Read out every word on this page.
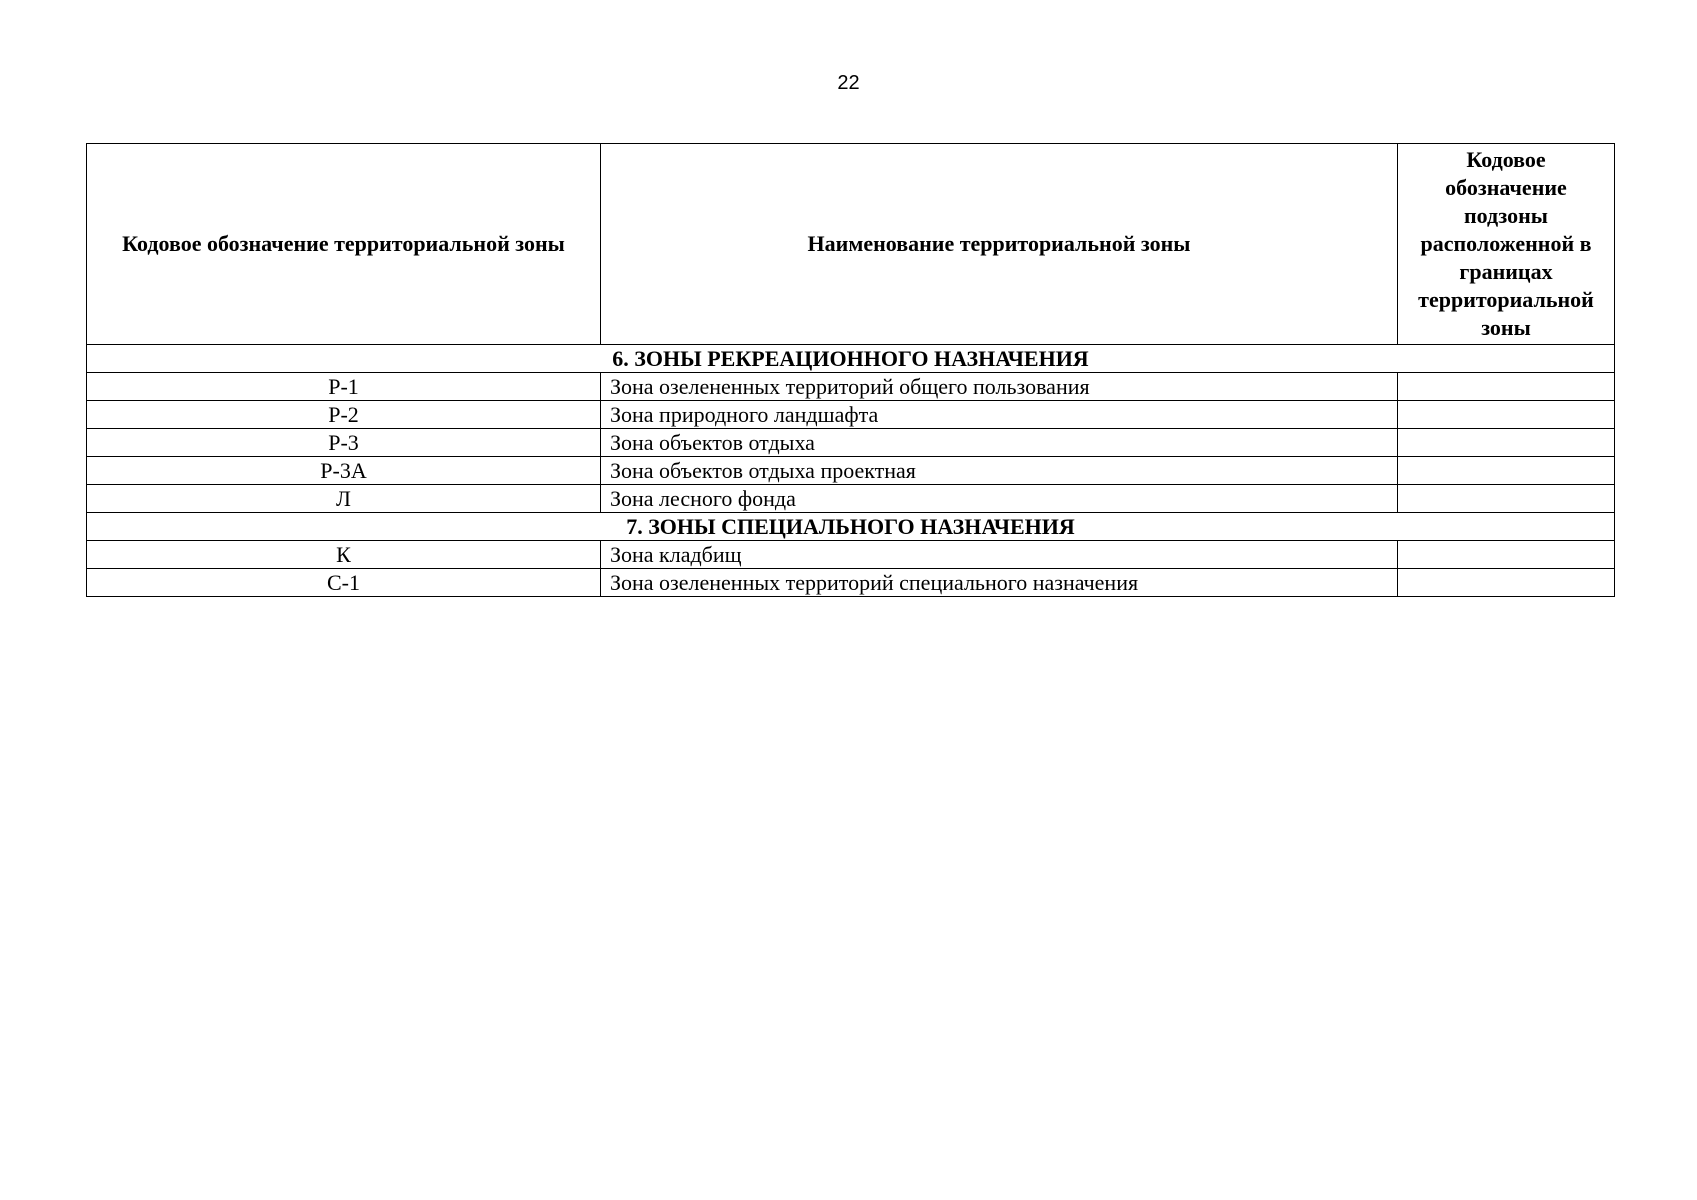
22
Кодовое обозначение территориальной зоны	Наименование территориальной зоны	Кодовое обозначение подзоны расположенной в границах территориальной зоны
6. ЗОНЫ РЕКРЕАЦИОННОГО НАЗНАЧЕНИЯ		
Р-1	Зона озелененных территорий общего пользования	
Р-2	Зона природного ландшафта	
Р-3	Зона объектов отдыха	
Р-3А	Зона объектов отдыха проектная	
Л	Зона лесного фонда	
7. ЗОНЫ СПЕЦИАЛЬНОГО НАЗНАЧЕНИЯ		
К	Зона кладбищ	
С-1	Зона озелененных территорий специального назначения	
